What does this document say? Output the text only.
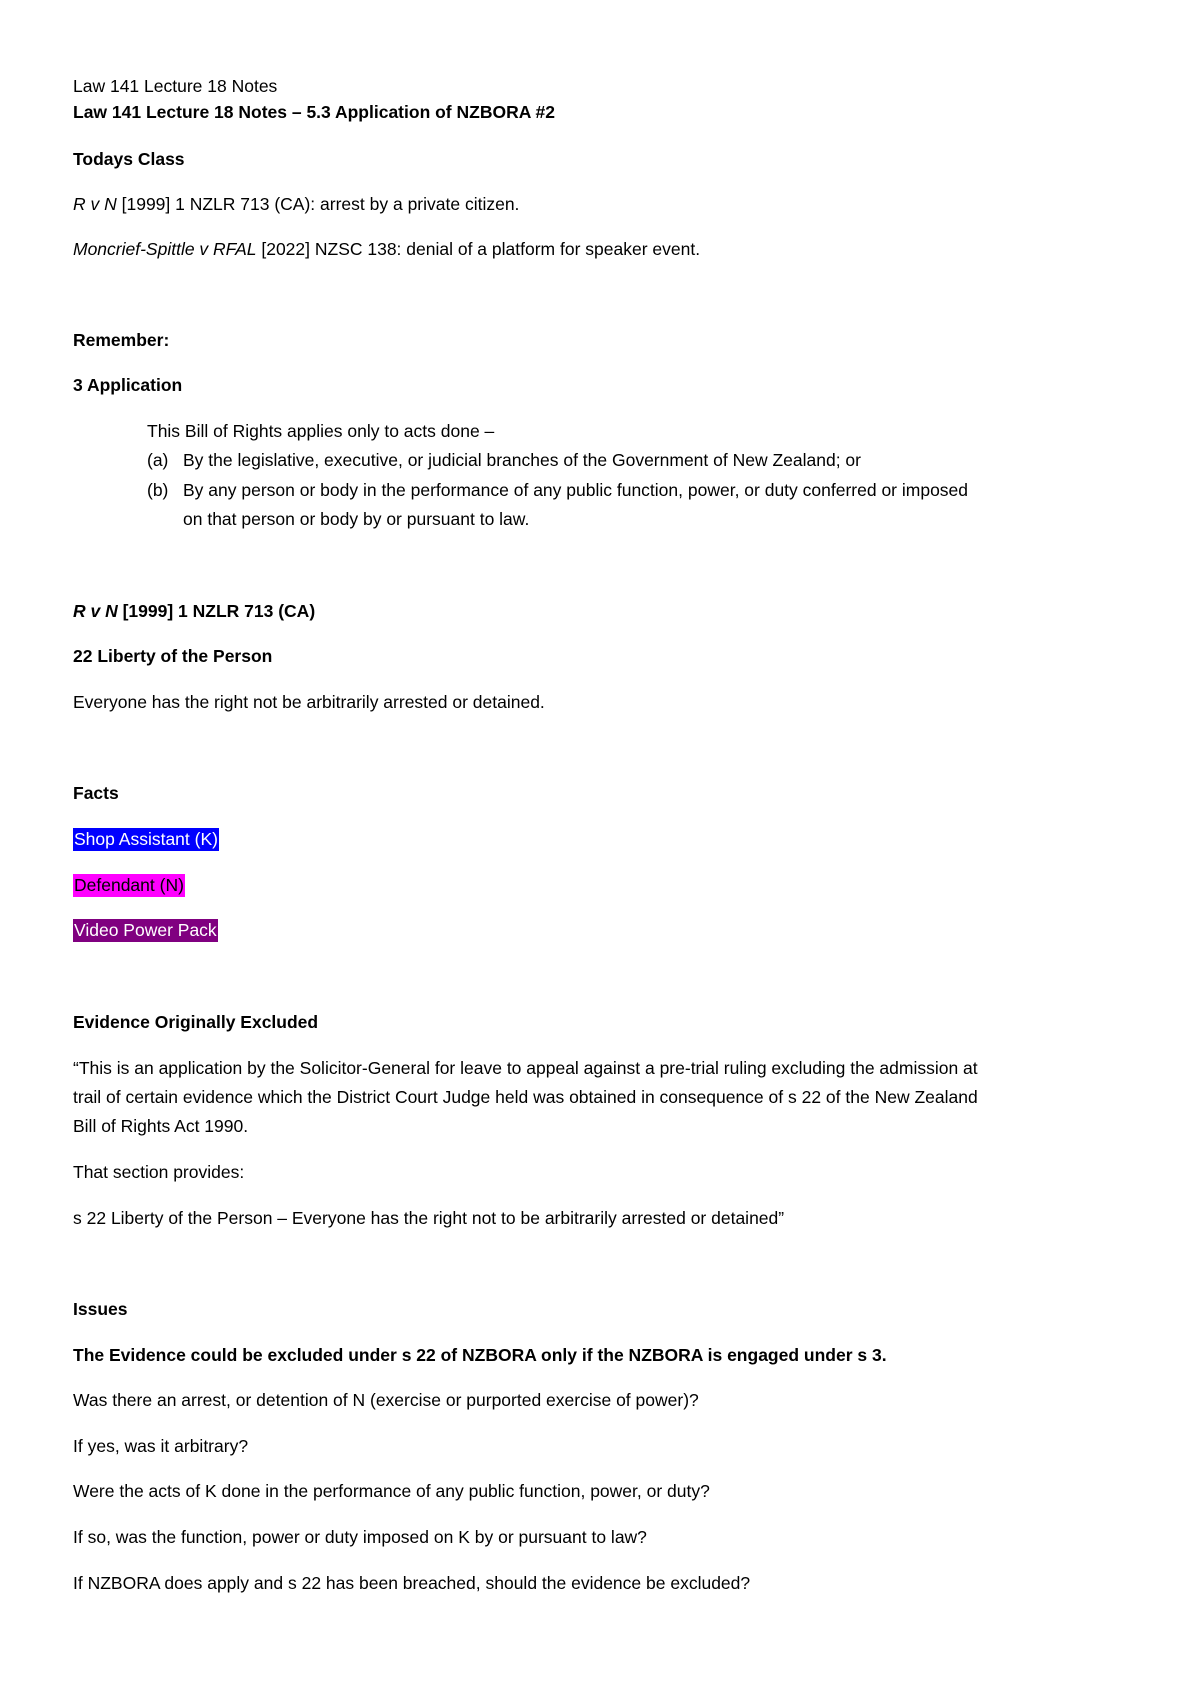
Law 141 Lecture 18 Notes
Law 141 Lecture 18 Notes – 5.3 Application of NZBORA #2
Todays Class
R v N [1999] 1 NZLR 713 (CA): arrest by a private citizen.
Moncrief-Spittle v RFAL [2022] NZSC 138: denial of a platform for speaker event.
Remember:
3 Application
This Bill of Rights applies only to acts done –
(a) By the legislative, executive, or judicial branches of the Government of New Zealand; or
(b) By any person or body in the performance of any public function, power, or duty conferred or imposed
on that person or body by or pursuant to law.
R v N [1999] 1 NZLR 713 (CA)
22 Liberty of the Person
Everyone has the right not be arbitrarily arrested or detained.
Facts
Shop Assistant (K)
Defendant (N)
Video Power Pack
Evidence Originally Excluded
“This is an application by the Solicitor-General for leave to appeal against a pre-trial ruling excluding the admission at
trail of certain evidence which the District Court Judge held was obtained in consequence of s 22 of the New Zealand
Bill of Rights Act 1990.
That section provides:
s 22 Liberty of the Person – Everyone has the right not to be arbitrarily arrested or detained”
Issues
The Evidence could be excluded under s 22 of NZBORA only if the NZBORA is engaged under s 3.
Was there an arrest, or detention of N (exercise or purported exercise of power)?
If yes, was it arbitrary?
Were the acts of K done in the performance of any public function, power, or duty?
If so, was the function, power or duty imposed on K by or pursuant to law?
If NZBORA does apply and s 22 has been breached, should the evidence be excluded?
